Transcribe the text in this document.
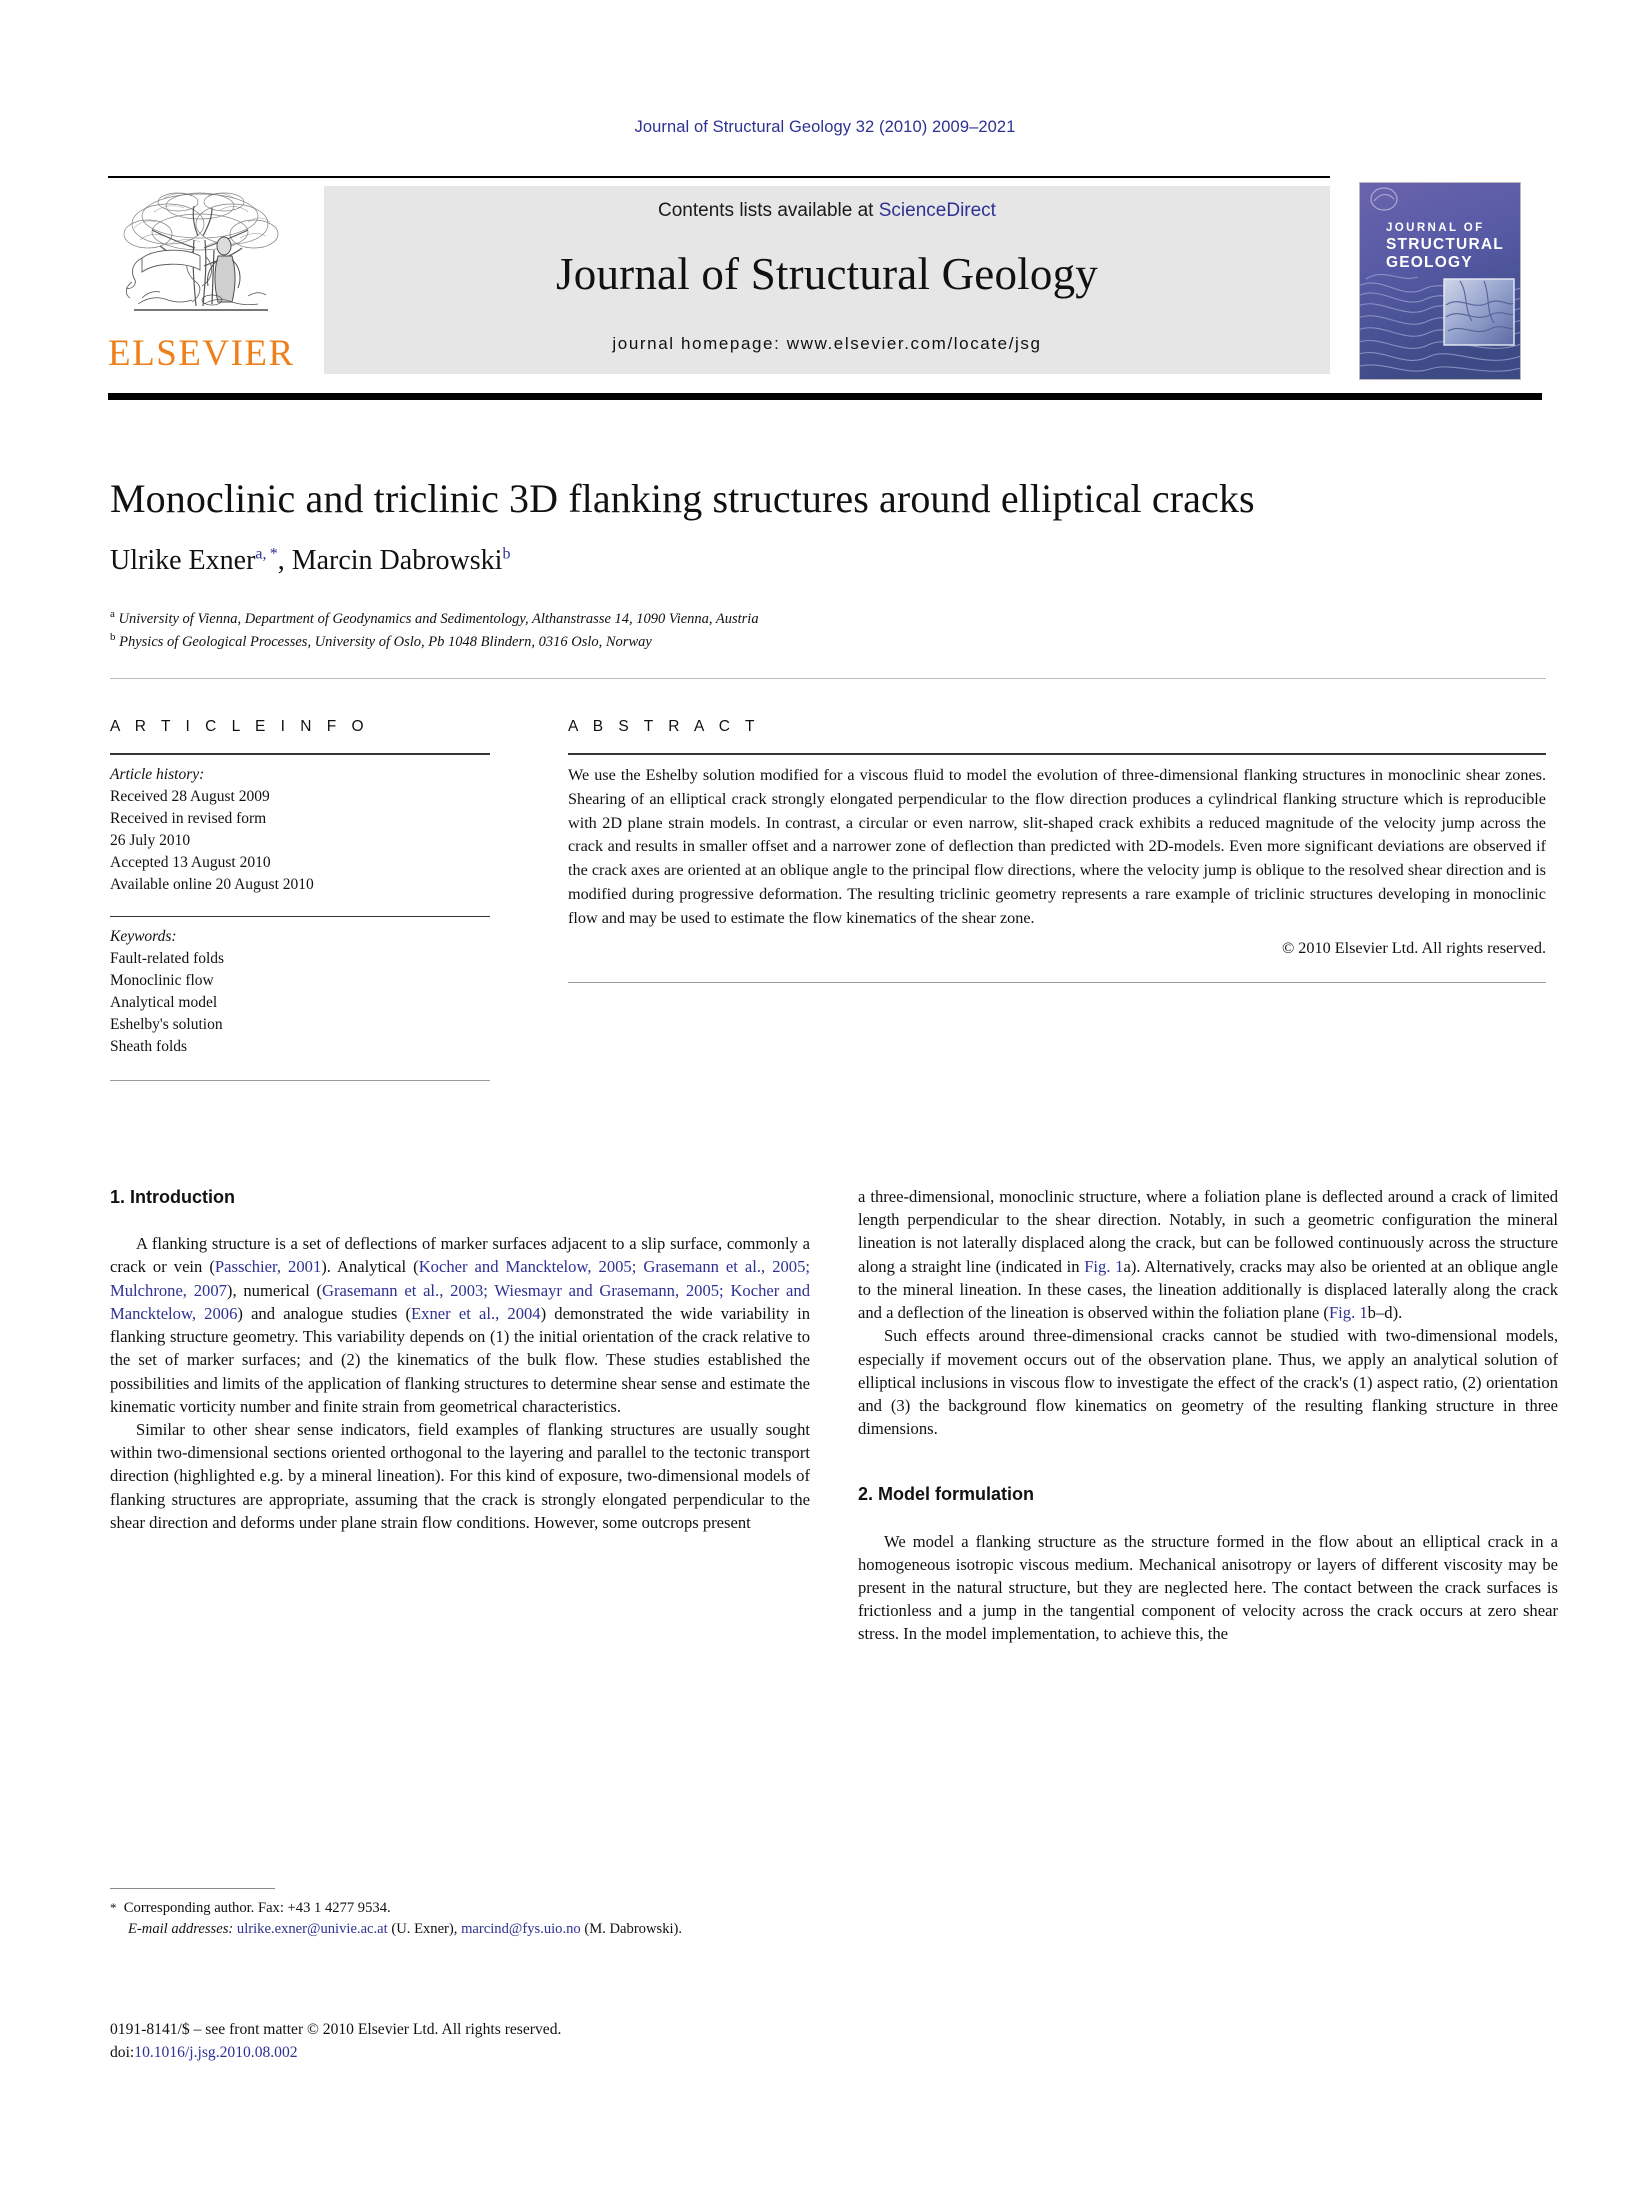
Journal of Structural Geology 32 (2010) 2009–2021
ELSEVIER
Contents lists available at ScienceDirect
Journal of Structural Geology
journal homepage: www.elsevier.com/locate/jsg
JOURNAL OF
STRUCTURAL
GEOLOGY
Monoclinic and triclinic 3D flanking structures around elliptical cracks
Ulrike Exner$^{a, *}$, Marcin Dabrowski$^b$
$^a$ University of Vienna, Department of Geodynamics and Sedimentology, Althanstrasse 14, 1090 Vienna, Austria
$^b$ Physics of Geological Processes, University of Oslo, Pb 1048 Blindern, 0316 Oslo, Norway
A R T I C L E I N F O
Article history:
Received 28 August 2009
Received in revised form
26 July 2010
Accepted 13 August 2010
Available online 20 August 2010
Keywords:
Fault-related folds
Monoclinic flow
Analytical model
Eshelby's solution
Sheath folds
A B S T R A C T
We use the Eshelby solution modified for a viscous fluid to model the evolution of three-dimensional flanking structures in monoclinic shear zones. Shearing of an elliptical crack strongly elongated perpendicular to the flow direction produces a cylindrical flanking structure which is reproducible with 2D plane strain models. In contrast, a circular or even narrow, slit-shaped crack exhibits a reduced magnitude of the velocity jump across the crack and results in smaller offset and a narrower zone of deflection than predicted with 2D-models. Even more significant deviations are observed if the crack axes are oriented at an oblique angle to the principal flow directions, where the velocity jump is oblique to the resolved shear direction and is modified during progressive deformation. The resulting triclinic geometry represents a rare example of triclinic structures developing in monoclinic flow and may be used to estimate the flow kinematics of the shear zone.
© 2010 Elsevier Ltd. All rights reserved.
1. Introduction

A flanking structure is a set of deflections of marker surfaces adjacent to a slip surface, commonly a crack or vein (Passchier, 2001). Analytical (Kocher and Mancktelow, 2005; Grasemann et al., 2005; Mulchrone, 2007), numerical (Grasemann et al., 2003; Wiesmayr and Grasemann, 2005; Kocher and Mancktelow, 2006) and analogue studies (Exner et al., 2004) demonstrated the wide variability in flanking structure geometry. This variability depends on (1) the initial orientation of the crack relative to the set of marker surfaces; and (2) the kinematics of the bulk flow. These studies established the possibilities and limits of the application of flanking structures to determine shear sense and estimate the kinematic vorticity number and finite strain from geometrical characteristics.

Similar to other shear sense indicators, field examples of flanking structures are usually sought within two-dimensional sections oriented orthogonal to the layering and parallel to the tectonic transport direction (highlighted e.g. by a mineral lineation). For this kind of exposure, two-dimensional models of flanking structures are appropriate, assuming that the crack is strongly elongated perpendicular to the shear direction and deforms under plane strain flow conditions. However, some outcrops present

a three-dimensional, monoclinic structure, where a foliation plane is deflected around a crack of limited length perpendicular to the shear direction. Notably, in such a geometric configuration the mineral lineation is not laterally displaced along the crack, but can be followed continuously across the structure along a straight line (indicated in Fig. 1a). Alternatively, cracks may also be oriented at an oblique angle to the mineral lineation. In these cases, the lineation additionally is displaced laterally along the crack and a deflection of the lineation is observed within the foliation plane (Fig. 1b–d).

Such effects around three-dimensional cracks cannot be studied with two-dimensional models, especially if movement occurs out of the observation plane. Thus, we apply an analytical solution of elliptical inclusions in viscous flow to investigate the effect of the crack's (1) aspect ratio, (2) orientation and (3) the background flow kinematics on geometry of the resulting flanking structure in three dimensions.

2. Model formulation

We model a flanking structure as the structure formed in the flow about an elliptical crack in a homogeneous isotropic viscous medium. Mechanical anisotropy or layers of different viscosity may be present in the natural structure, but they are neglected here. The contact between the crack surfaces is frictionless and a jump in the tangential component of velocity across the crack occurs at zero shear stress. In the model implementation, to achieve this, the

*  Corresponding author. Fax: +43 1 4277 9534.
E-mail addresses: ulrike.exner@univie.ac.at (U. Exner), marcind@fys.uio.no (M. Dabrowski).
0191-8141/$ – see front matter © 2010 Elsevier Ltd. All rights reserved.
doi:10.1016/j.jsg.2010.08.002
